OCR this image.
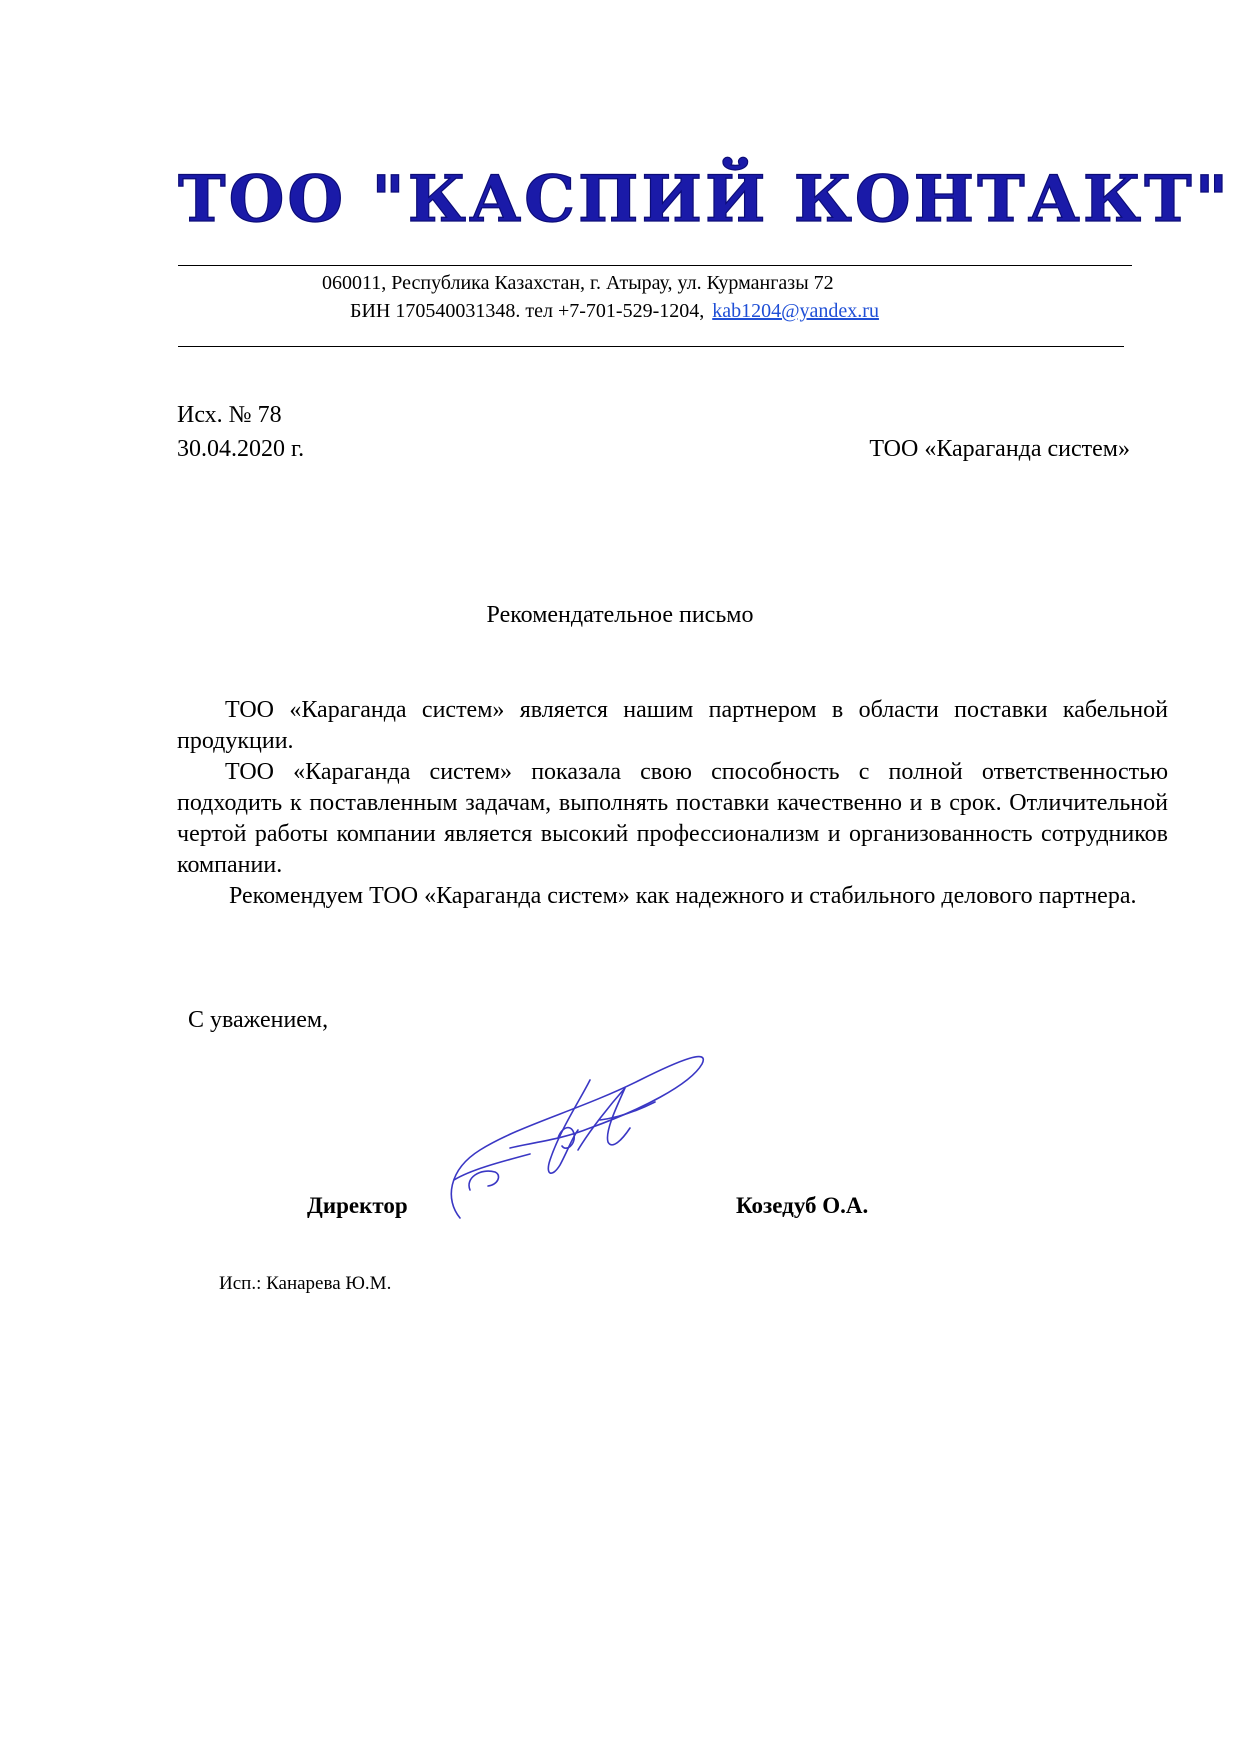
ТОО "КАСПИЙ КОНТАКТ"
060011, Республика Казахстан, г. Атырау, ул. Курмангазы 72
БИН 170540031348. тел +7-701-529-1204, kab1204@yandex.ru
Исх. № 78
30.04.2020 г.	ТОО «Караганда систем»
Рекомендательное письмо

ТОО «Караганда систем» является нашим партнером в области поставки кабельной продукции.

ТОО «Караганда систем» показала свою способность с полной ответственностью подходить к поставленным задачам, выполнять поставки качественно и в срок. Отличительной чертой работы компании является высокий профессионализм и организованность сотрудников компании.

Рекомендуем ТОО «Караганда систем» как надежного и стабильного делового партнера.

С уважением,
Директор	Козедуб О.А.
Исп.: Канарева Ю.М.
